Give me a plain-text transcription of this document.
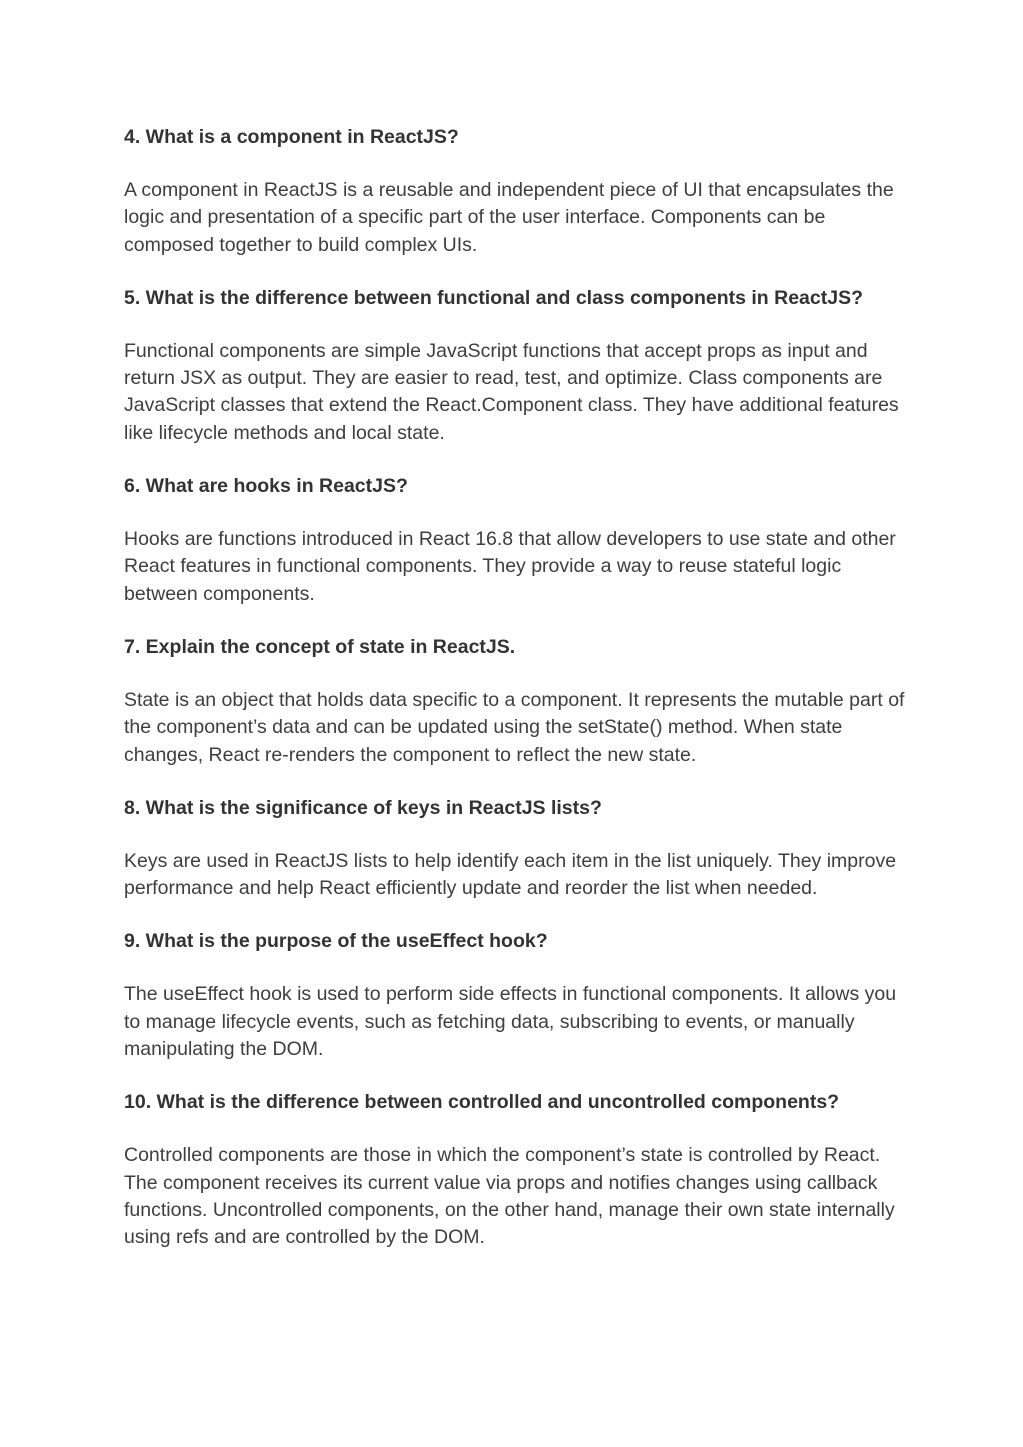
4. What is a component in ReactJS?

A component in ReactJS is a reusable and independent piece of UI that encapsulates the logic and presentation of a specific part of the user interface. Components can be composed together to build complex UIs.

5. What is the difference between functional and class components in ReactJS?

Functional components are simple JavaScript functions that accept props as input and return JSX as output. They are easier to read, test, and optimize. Class components are JavaScript classes that extend the React.Component class. They have additional features like lifecycle methods and local state.

6. What are hooks in ReactJS?

Hooks are functions introduced in React 16.8 that allow developers to use state and other React features in functional components. They provide a way to reuse stateful logic between components.

7. Explain the concept of state in ReactJS.

State is an object that holds data specific to a component. It represents the mutable part of the component’s data and can be updated using the setState() method. When state changes, React re-renders the component to reflect the new state.

8. What is the significance of keys in ReactJS lists?

Keys are used in ReactJS lists to help identify each item in the list uniquely. They improve performance and help React efficiently update and reorder the list when needed.

9. What is the purpose of the useEffect hook?

The useEffect hook is used to perform side effects in functional components. It allows you to manage lifecycle events, such as fetching data, subscribing to events, or manually manipulating the DOM.

10. What is the difference between controlled and uncontrolled components?

Controlled components are those in which the component’s state is controlled by React. The component receives its current value via props and notifies changes using callback functions. Uncontrolled components, on the other hand, manage their own state internally using refs and are controlled by the DOM.
